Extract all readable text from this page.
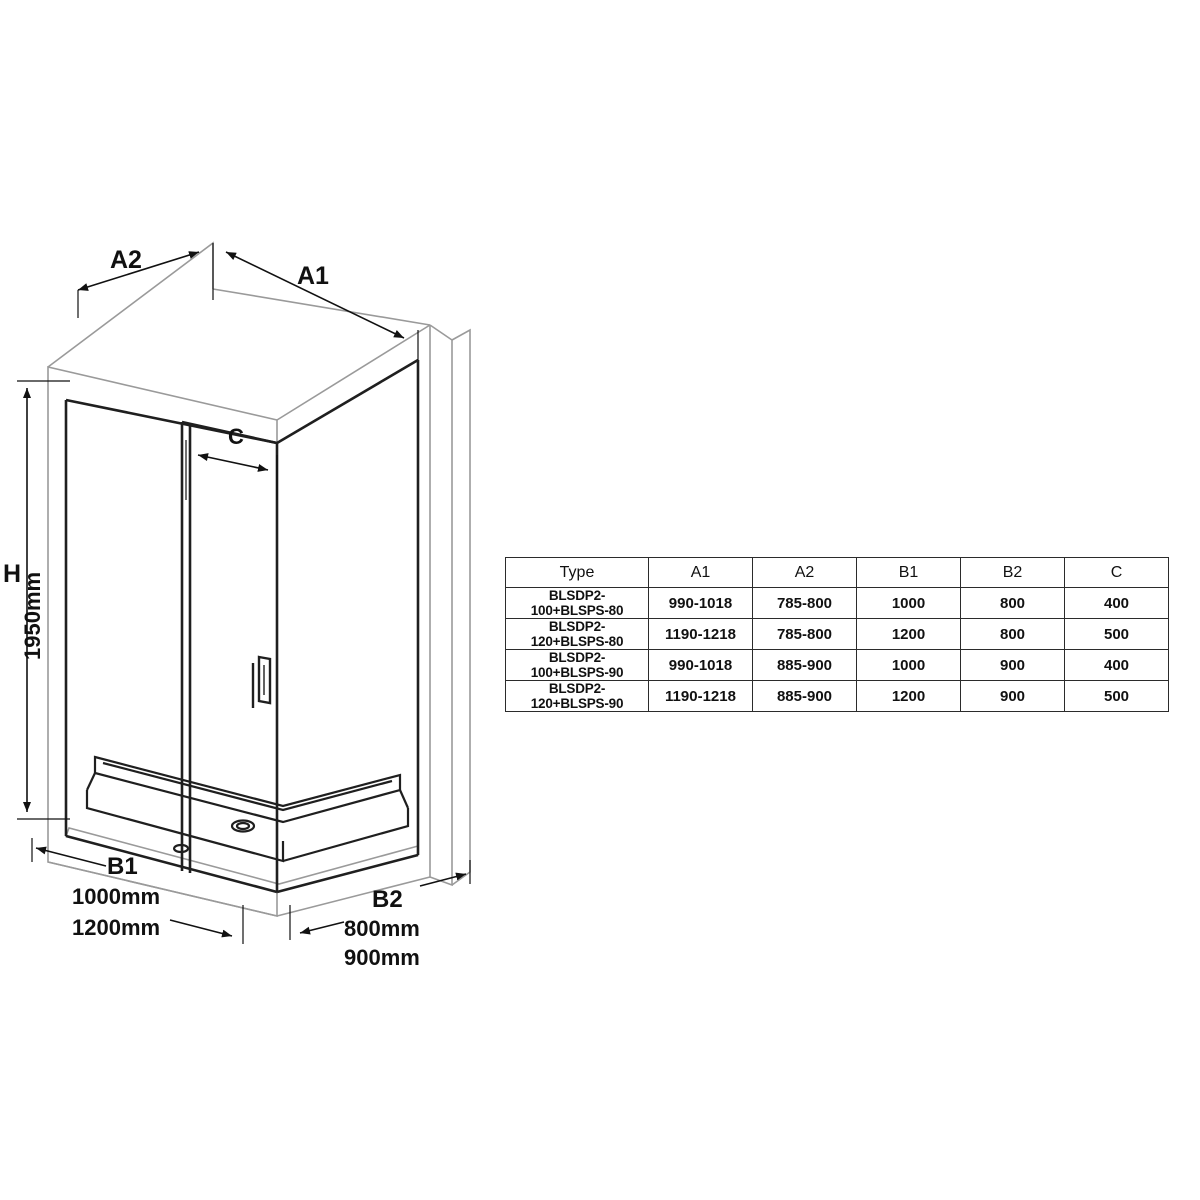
A2
A1
C
H
1950mm
B1
1000mm
1200mm
B2
800mm
900mm
Type	A1	A2	B1	B2	C
BLSDP2-100+BLSPS-80	990-1018	785-800	1000	800	400
BLSDP2-120+BLSPS-80	1190-1218	785-800	1200	800	500
BLSDP2-100+BLSPS-90	990-1018	885-900	1000	900	400
BLSDP2-120+BLSPS-90	1190-1218	885-900	1200	900	500
